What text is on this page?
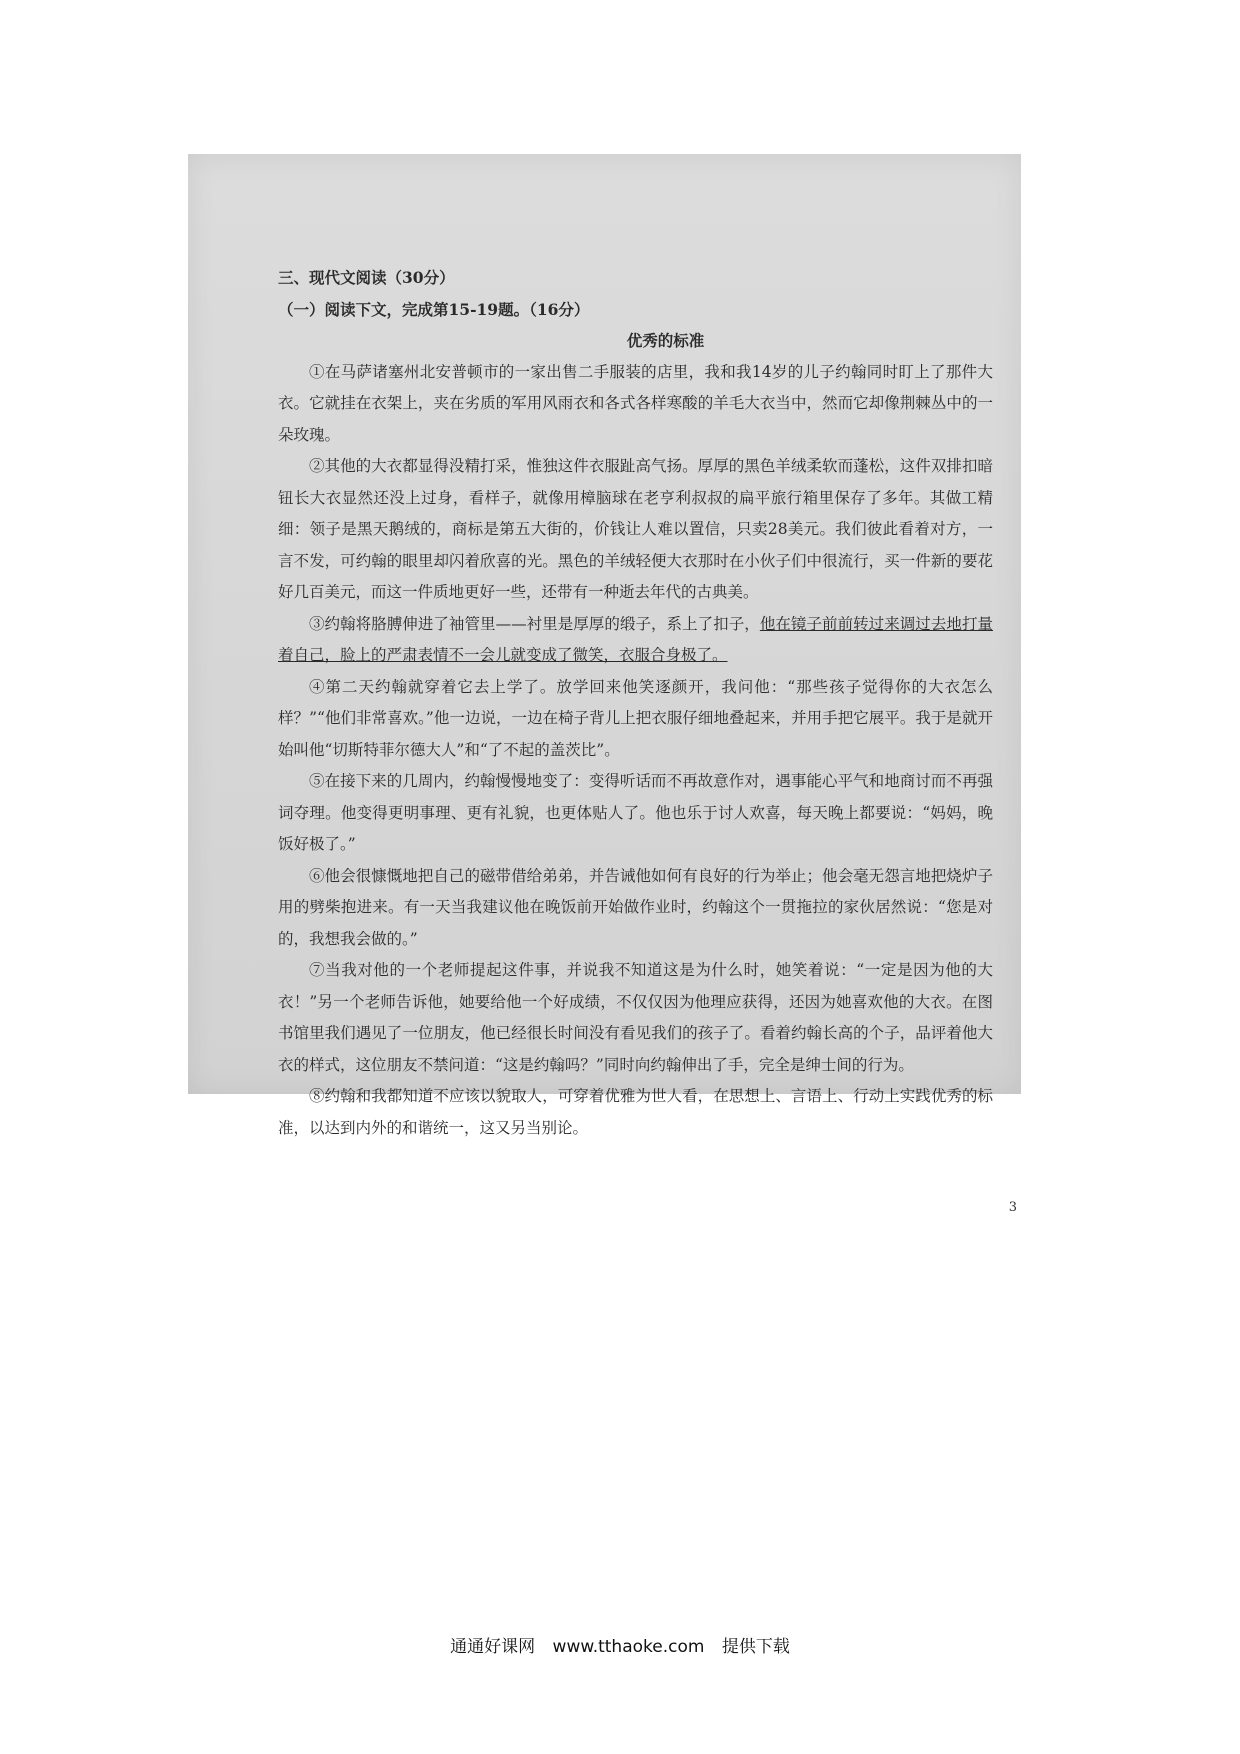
三、现代文阅读（30分）

（一）阅读下文，完成第15-19题。（16分）

优秀的标准

①在马萨诸塞州北安普顿市的一家出售二手服装的店里，我和我14岁的儿子约翰同时盯上了那件大衣。它就挂在衣架上，夹在劣质的军用风雨衣和各式各样寒酸的羊毛大衣当中，然而它却像荆棘丛中的一朵玫瑰。

②其他的大衣都显得没精打采，惟独这件衣服趾高气扬。厚厚的黑色羊绒柔软而蓬松，这件双排扣暗钮长大衣显然还没上过身，看样子，就像用樟脑球在老亨利叔叔的扁平旅行箱里保存了多年。其做工精细：领子是黑天鹅绒的，商标是第五大街的，价钱让人难以置信，只卖28美元。我们彼此看着对方，一言不发，可约翰的眼里却闪着欣喜的光。黑色的羊绒轻便大衣那时在小伙子们中很流行，买一件新的要花好几百美元，而这一件质地更好一些，还带有一种逝去年代的古典美。

③约翰将胳膊伸进了袖管里——衬里是厚厚的缎子，系上了扣子，他在镜子前前转过来调过去地打量着自己，脸上的严肃表情不一会儿就变成了微笑，衣服合身极了。

④第二天约翰就穿着它去上学了。放学回来他笑逐颜开，我问他：“那些孩子觉得你的大衣怎么样？”“他们非常喜欢。”他一边说，一边在椅子背儿上把衣服仔细地叠起来，并用手把它展平。我于是就开始叫他“切斯特菲尔德大人”和“了不起的盖茨比”。

⑤在接下来的几周内，约翰慢慢地变了：变得听话而不再故意作对，遇事能心平气和地商讨而不再强词夺理。他变得更明事理、更有礼貌，也更体贴人了。他也乐于讨人欢喜，每天晚上都要说：“妈妈，晚饭好极了。”

⑥他会很慷慨地把自己的磁带借给弟弟，并告诫他如何有良好的行为举止；他会毫无怨言地把烧炉子用的劈柴抱进来。有一天当我建议他在晚饭前开始做作业时，约翰这个一贯拖拉的家伙居然说：“您是对的，我想我会做的。”

⑦当我对他的一个老师提起这件事，并说我不知道这是为什么时，她笑着说：“一定是因为他的大衣！”另一个老师告诉他，她要给他一个好成绩，不仅仅因为他理应获得，还因为她喜欢他的大衣。在图书馆里我们遇见了一位朋友，他已经很长时间没有看见我们的孩子了。看着约翰长高的个子，品评着他大衣的样式，这位朋友不禁问道：“这是约翰吗？”同时向约翰伸出了手，完全是绅士间的行为。

⑧约翰和我都知道不应该以貌取人，可穿着优雅为世人看，在思想上、言语上、行动上实践优秀的标准，以达到内外的和谐统一，这又另当别论。

3
通通好课网 www.tthaoke.com 提供下载
